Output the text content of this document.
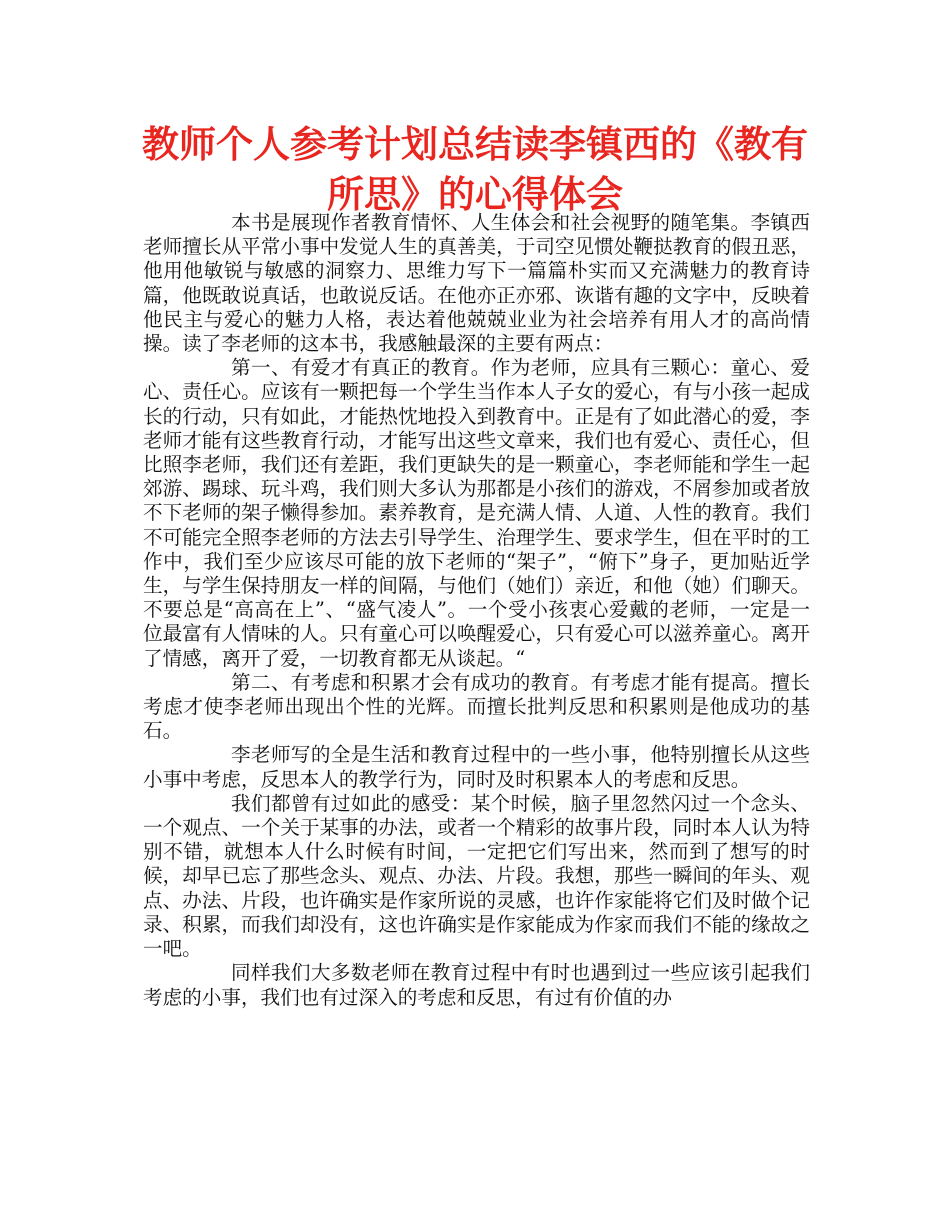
教师个人参考计划总结读李镇西的《教有所思》的心得体会

本书是展现作者教育情怀、人生体会和社会视野的随笔集。李镇西老师擅长从平常小事中发觉人生的真善美，于司空见惯处鞭挞教育的假丑恶，他用他敏锐与敏感的洞察力、思维力写下一篇篇朴实而又充满魅力的教育诗篇，他既敢说真话，也敢说反话。在他亦正亦邪、诙谐有趣的文字中，反映着他民主与爱心的魅力人格，表达着他兢兢业业为社会培养有用人才的高尚情操。读了李老师的这本书，我感触最深的主要有两点：

第一、有爱才有真正的教育。作为老师，应具有三颗心：童心、爱心、责任心。应该有一颗把每一个学生当作本人子女的爱心，有与小孩一起成长的行动，只有如此，才能热忱地投入到教育中。正是有了如此潜心的爱，李老师才能有这些教育行动，才能写出这些文章来，我们也有爱心、责任心，但比照李老师，我们还有差距，我们更缺失的是一颗童心，李老师能和学生一起郊游、踢球、玩斗鸡，我们则大多认为那都是小孩们的游戏，不屑参加或者放不下老师的架子懒得参加。素养教育，是充满人情、人道、人性的教育。我们不可能完全照李老师的方法去引导学生、治理学生、要求学生，但在平时的工作中，我们至少应该尽可能的放下老师的“架子”，“俯下”身子，更加贴近学生，与学生保持朋友一样的间隔，与他们（她们）亲近，和他（她）们聊天。不要总是“高高在上”、“盛气凌人”。一个受小孩衷心爱戴的老师，一定是一位最富有人情味的人。只有童心可以唤醒爱心，只有爱心可以滋养童心。离开了情感，离开了爱，一切教育都无从谈起。“

第二、有考虑和积累才会有成功的教育。有考虑才能有提高。擅长考虑才使李老师出现出个性的光辉。而擅长批判反思和积累则是他成功的基石。

李老师写的全是生活和教育过程中的一些小事，他特别擅长从这些小事中考虑，反思本人的教学行为，同时及时积累本人的考虑和反思。

我们都曾有过如此的感受：某个时候，脑子里忽然闪过一个念头、一个观点、一个关于某事的办法，或者一个精彩的故事片段，同时本人认为特别不错，就想本人什么时候有时间，一定把它们写出来，然而到了想写的时候，却早已忘了那些念头、观点、办法、片段。我想，那些一瞬间的年头、观点、办法、片段，也许确实是作家所说的灵感，也许作家能将它们及时做个记录、积累，而我们却没有，这也许确实是作家能成为作家而我们不能的缘故之一吧。

同样我们大多数老师在教育过程中有时也遇到过一些应该引起我们考虑的小事，我们也有过深入的考虑和反思，有过有价值的办
